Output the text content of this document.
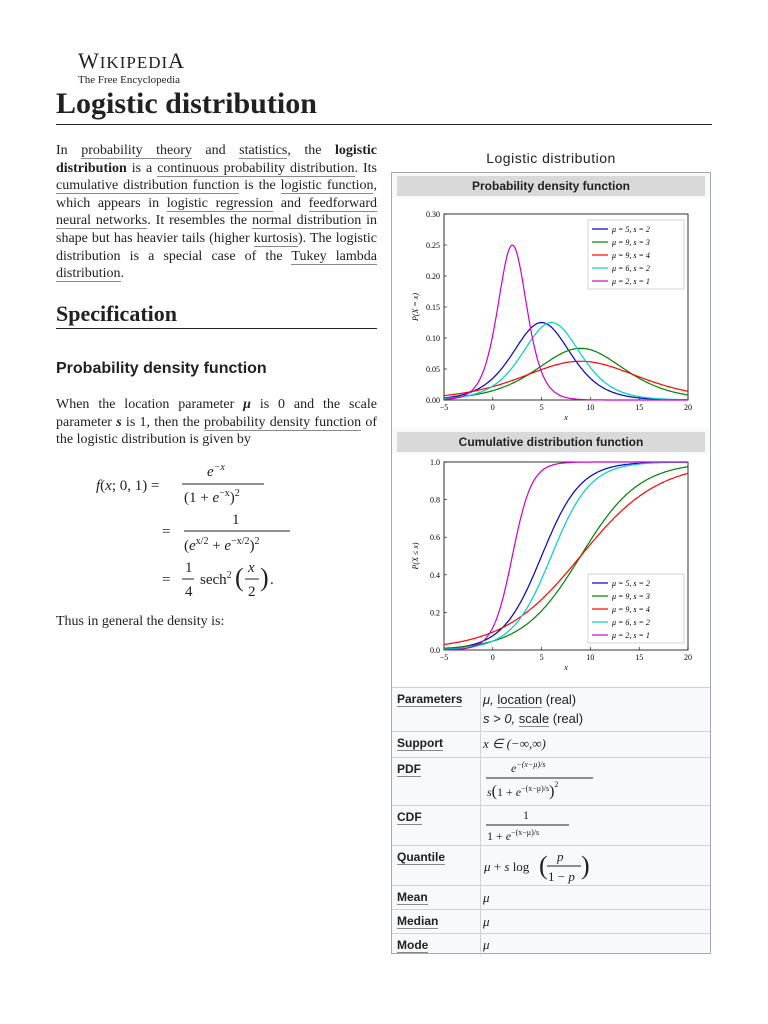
WIKIPEDIA
The Free Encyclopedia
Logistic distribution
In probability theory and statistics, the logistic distribution is a continuous probability distribution. Its cumulative distribution function is the logistic function, which appears in logistic regression and feedforward neural networks. It resembles the normal distribution in shape but has heavier tails (higher kurtosis). The logistic distribution is a special case of the Tukey lambda distribution.
Specification
Probability density function
When the location parameter μ is 0 and the scale parameter s is 1, then the probability density function of the logistic distribution is given by
f(x; 0, 1) =
$e^{-x}$
$(1 + e^{-x})^2$
=
1
$(e^{x/2} + e^{-x/2})^2$
=
1
4
sech$^2$ ( x
2 ) .
Thus in general the density is:
Logistic distribution
Probability density function
−5	0	5	10	15	20
0.00
0.05
0.10
0.15
0.20
0.25
0.30
x
P(X = x)
μ = 5, s = 2
μ = 9, s = 3
μ = 9, s = 4
μ = 6, s = 2
μ = 2, s = 1
Cumulative distribution function
−5	0	5	10	15	20
0.0
0.2
0.4
0.6
0.8
1.0
x
P(X ≤ x)
μ = 5, s = 2
μ = 9, s = 3
μ = 9, s = 4
μ = 6, s = 2
μ = 2, s = 1
Parameters μ, location (real)
s > 0, scale (real)
Support	x ∈ (−∞,∞)
PDF	$e^{-(x-\mu)/s}$
$s(1 + e^{-(x-\mu)/s})^2$
CDF	1
$1 + e^{-(x-\mu)/s}$
Quantile
μ + s log ( p
1 − p )
Mean	μ
Median	μ
Mode	μ
